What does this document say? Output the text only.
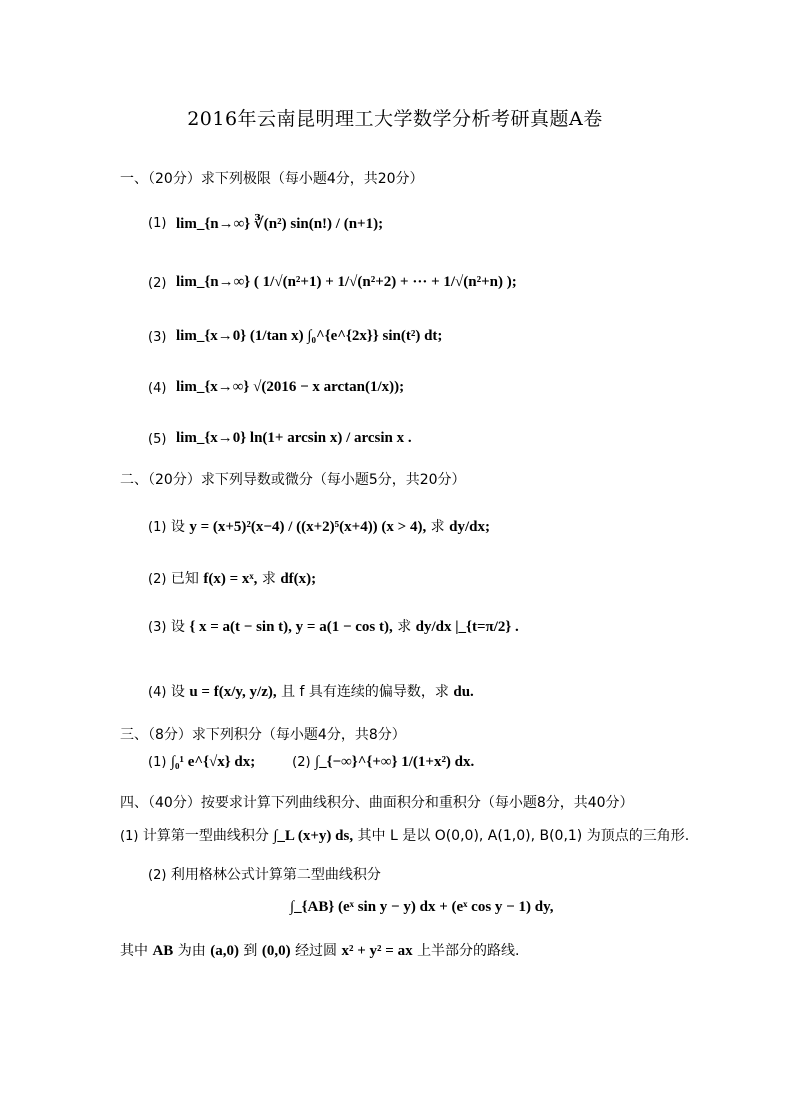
2016年云南昆明理工大学数学分析考研真题A卷
一、（20分）求下列极限（每小题4分，共20分）
(1) lim_{n→∞} ∛(n²) sin(n!) / (n+1);
(2) lim_{n→∞} ( 1/√(n²+1) + 1/√(n²+2) + ··· + 1/√(n²+n) );
(3) lim_{x→0} (1/tan x) ∫₀^{e^{2x}} sin(t²) dt;
(4) lim_{x→∞} √(2016 − x arctan(1/x));
(5) lim_{x→0} ln(1+ arcsin x) / arcsin x .
二、（20分）求下列导数或微分（每小题5分，共20分）
(1) 设 y = (x+5)²(x−4) / ((x+2)⁵(x+4)) (x > 4), 求 dy/dx;
(2) 已知 f(x) = xˣ, 求 df(x);
(3) 设 { x = a(t − sin t), y = a(1 − cos t), 求 dy/dx |_{t=π/2} .
(4) 设 u = f(x/y, y/z), 且 f 具有连续的偏导数，求 du.
三、（8分）求下列积分（每小题4分，共8分）
(1) ∫₀¹ e^{√x} dx;	(2) ∫_{−∞}^{+∞} 1/(1+x²) dx.
四、（40分）按要求计算下列曲线积分、曲面积分和重积分（每小题8分，共40分）
(1) 计算第一型曲线积分 ∫_L (x+y) ds, 其中 L 是以 O(0,0), A(1,0), B(0,1) 为顶点的三角形.
(2) 利用格林公式计算第二型曲线积分
∫_{AB} (eˣ sin y − y) dx + (eˣ cos y − 1) dy,
其中 AB 为由 (a,0) 到 (0,0) 经过圆 x² + y² = ax 上半部分的路线.
